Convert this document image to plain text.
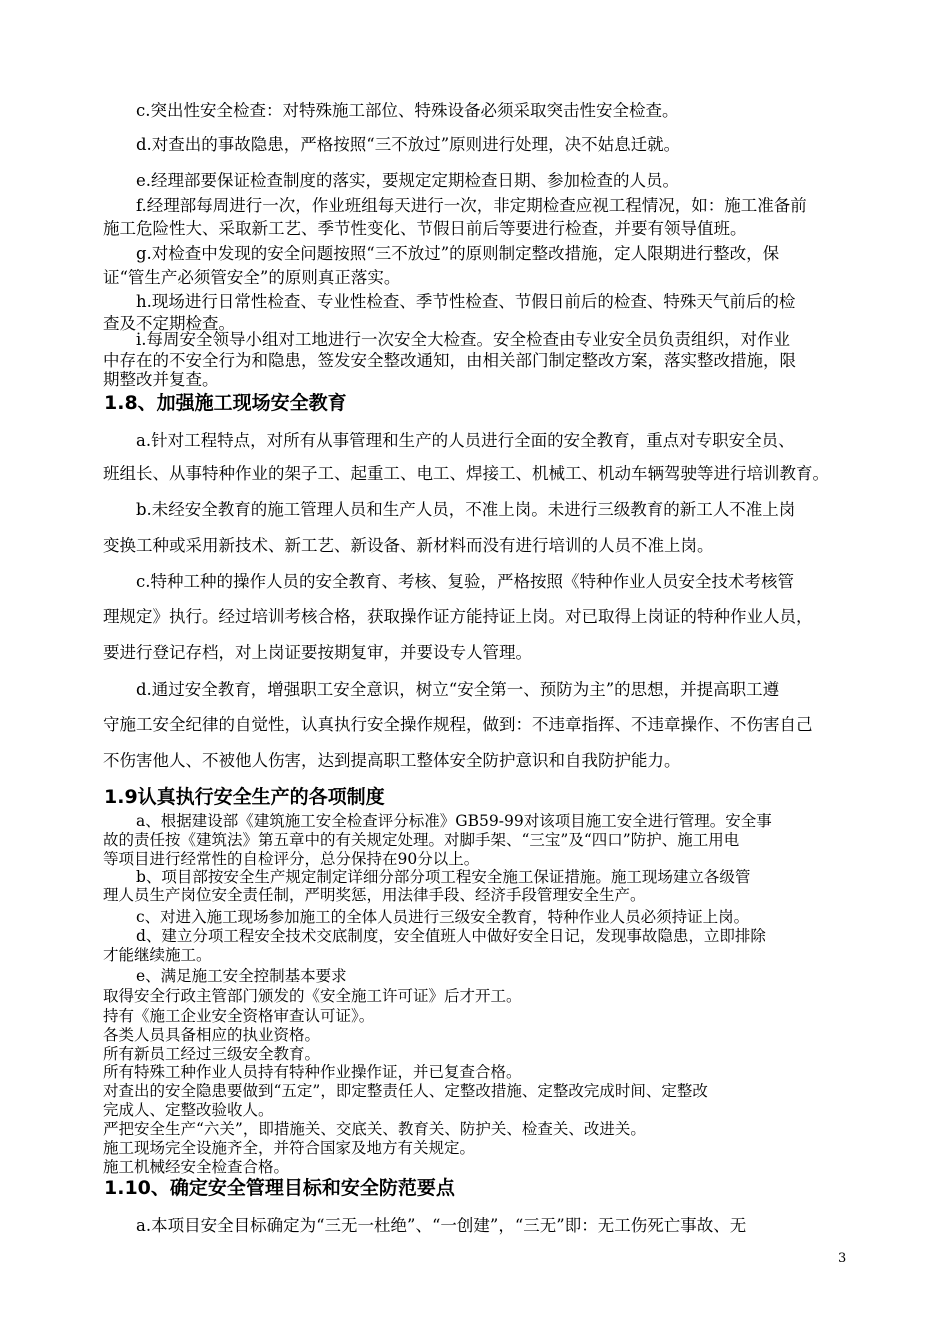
c.突出性安全检查：对特殊施工部位、特殊设备必须采取突击性安全检查。
d.对查出的事故隐患，严格按照“三不放过”原则进行处理，决不姑息迁就。
e.经理部要保证检查制度的落实，要规定定期检查日期、参加检查的人员。
f.经理部每周进行一次，作业班组每天进行一次，非定期检查应视工程情况，如：施工准备前
施工危险性大、采取新工艺、季节性变化、节假日前后等要进行检查，并要有领导值班。
g.对检查中发现的安全问题按照“三不放过”的原则制定整改措施，定人限期进行整改，保
证“管生产必须管安全”的原则真正落实。
h.现场进行日常性检查、专业性检查、季节性检查、节假日前后的检查、特殊天气前后的检
查及不定期检查。
i.每周安全领导小组对工地进行一次安全大检查。安全检查由专业安全员负责组织，对作业
中存在的不安全行为和隐患，签发安全整改通知，由相关部门制定整改方案，落实整改措施，限
期整改并复查。
1.8、加强施工现场安全教育
a.针对工程特点，对所有从事管理和生产的人员进行全面的安全教育，重点对专职安全员、
班组长、从事特种作业的架子工、起重工、电工、焊接工、机械工、机动车辆驾驶等进行培训教育。
b.未经安全教育的施工管理人员和生产人员，不准上岗。未进行三级教育的新工人不准上岗
变换工种或采用新技术、新工艺、新设备、新材料而没有进行培训的人员不准上岗。
c.特种工种的操作人员的安全教育、考核、复验，严格按照《特种作业人员安全技术考核管
理规定》执行。经过培训考核合格，获取操作证方能持证上岗。对已取得上岗证的特种作业人员，
要进行登记存档，对上岗证要按期复审，并要设专人管理。
d.通过安全教育，增强职工安全意识，树立“安全第一、预防为主”的思想，并提高职工遵
守施工安全纪律的自觉性，认真执行安全操作规程，做到：不违章指挥、不违章操作、不伤害自己
不伤害他人、不被他人伤害，达到提高职工整体安全防护意识和自我防护能力。
1.9认真执行安全生产的各项制度
a、根据建设部《建筑施工安全检查评分标准》GB59-99对该项目施工安全进行管理。安全事
故的责任按《建筑法》第五章中的有关规定处理。对脚手架、“三宝”及“四口”防护、施工用电
等项目进行经常性的自检评分，总分保持在90分以上。
b、项目部按安全生产规定制定详细分部分项工程安全施工保证措施。施工现场建立各级管
理人员生产岗位安全责任制，严明奖惩，用法律手段、经济手段管理安全生产。
c、对进入施工现场参加施工的全体人员进行三级安全教育，特种作业人员必须持证上岗。
d、建立分项工程安全技术交底制度，安全值班人中做好安全日记，发现事故隐患，立即排除
才能继续施工。
e、满足施工安全控制基本要求
取得安全行政主管部门颁发的《安全施工许可证》后才开工。
持有《施工企业安全资格审查认可证》。
各类人员具备相应的执业资格。
所有新员工经过三级安全教育。
所有特殊工种作业人员持有特种作业操作证，并已复查合格。
对查出的安全隐患要做到“五定”，即定整责任人、定整改措施、定整改完成时间、定整改
完成人、定整改验收人。
严把安全生产“六关”，即措施关、交底关、教育关、防护关、检查关、改进关。
施工现场完全设施齐全，并符合国家及地方有关规定。
施工机械经安全检查合格。
1.10、确定安全管理目标和安全防范要点
a.本项目安全目标确定为“三无一杜绝”、“一创建”，“三无”即：无工伤死亡事故、无
3
